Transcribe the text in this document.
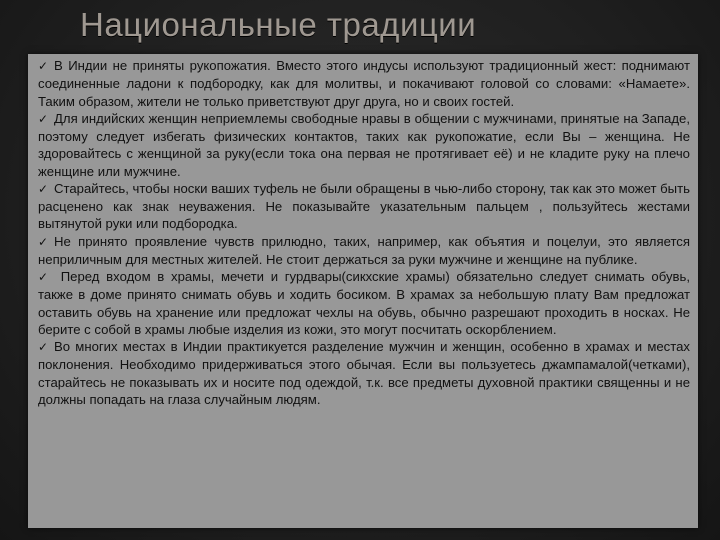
Национальные традиции

✓ В Индии не приняты рукопожатия. Вместо этого индусы используют традиционный жест: поднимают соединенные ладони к подбородку, как для молитвы, и покачивают головой со словами: «Намаете». Таким образом, жители не только приветствуют друг друга, но и своих гостей.

✓ Для индийских женщин неприемлемы свободные нравы в общении с мужчинами, принятые на Западе, поэтому следует избегать физических контактов, таких как рукопожатие, если Вы – женщина. Не здоровайтесь с женщиной за руку(если тока она первая не протягивает её) и не кладите руку на плечо женщине или мужчине.

✓ Старайтесь, чтобы носки ваших туфель не были обращены в чью-либо сторону, так как это может быть расценено как знак неуважения. Не показывайте указательным пальцем , пользуйтесь жестами вытянутой руки или подбородка.

✓ Не принято проявление чувств прилюдно, таких, например, как объятия и поцелуи, это является неприличным для местных жителей. Не стоит держаться за руки мужчине и женщине на публике.

✓ Перед входом в храмы, мечети и гурдвары(сикхские храмы) обязательно следует снимать обувь, также в доме принято снимать обувь и ходить босиком. В храмах за небольшую плату Вам предложат оставить обувь на хранение или предложат чехлы на обувь, обычно разрешают проходить в носках. Не берите с собой в храмы любые изделия из кожи, это могут посчитать оскорблением.

✓ Во многих местах в Индии практикуется разделение мужчин и женщин, особенно в храмах и местах поклонения. Необходимо придерживаться этого обычая. Если вы пользуетесь джампамалой(четками), старайтесь не показывать их и носите под одеждой, т.к. все предметы духовной практики священны и не должны попадать на глаза случайным людям.
